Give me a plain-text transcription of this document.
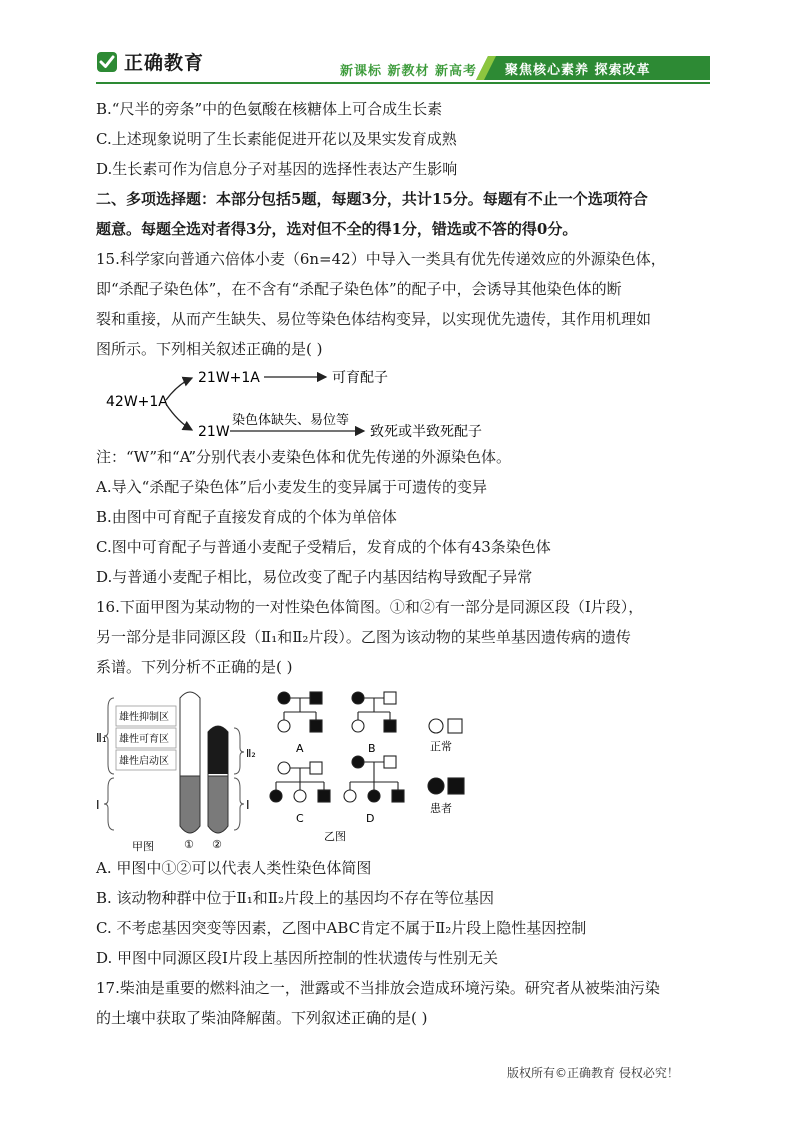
正确教育	新课标 新教材 新高考 聚焦核心素养 探索改革
B.“尺半的旁条”中的色氨酸在核糖体上可合成生长素
C.上述现象说明了生长素能促进开花以及果实发育成熟
D.生长素可作为信息分子对基因的选择性表达产生影响
二、多项选择题：本部分包括5题，每题3分，共计15分。每题有不止一个选项符合
题意。每题全选对者得3分，选对但不全的得1分，错选或不答的得0分。
15.科学家向普通六倍体小麦（6n=42）中导入一类具有优先传递效应的外源染色体，
即“杀配子染色体”，在不含有“杀配子染色体”的配子中，会诱导其他染色体的断
裂和重接，从而产生缺失、易位等染色体结构变异，以实现优先遗传，其作用机理如
图所示。下列相关叙述正确的是( )
42W+1A
21W+1A	可育配子
21W
染色体缺失、易位等
致死或半致死配子
注：“W”和“A”分别代表小麦染色体和优先传递的外源染色体。
A.导入“杀配子染色体”后小麦发生的变异属于可遗传的变异
B.由图中可育配子直接发育成的个体为单倍体
C.图中可育配子与普通小麦配子受精后，发育成的个体有43条染色体
D.与普通小麦配子相比，易位改变了配子内基因结构导致配子异常
16.下面甲图为某动物的一对性染色体简图。①和②有一部分是同源区段（Ⅰ片段），
另一部分是非同源区段（Ⅱ₁和Ⅱ₂片段）。乙图为该动物的某些单基因遗传病的遗传
系谱。下列分析不正确的是( )
雄性抑制区
雄性可育区
雄性启动区
Ⅱ₁
Ⅰ
Ⅱ₂
Ⅰ
① ②
甲图
A	B
C	D
正常
患者
乙图
A. 甲图中①②可以代表人类性染色体简图
B. 该动物种群中位于Ⅱ₁和Ⅱ₂片段上的基因均不存在等位基因
C. 不考虑基因突变等因素，乙图中ABC肯定不属于Ⅱ₂片段上隐性基因控制
D. 甲图中同源区段Ⅰ片段上基因所控制的性状遗传与性别无关
17.柴油是重要的燃料油之一，泄露或不当排放会造成环境污染。研究者从被柴油污染
的土壤中获取了柴油降解菌。下列叙述正确的是( )
版权所有©正确教育 侵权必究！
